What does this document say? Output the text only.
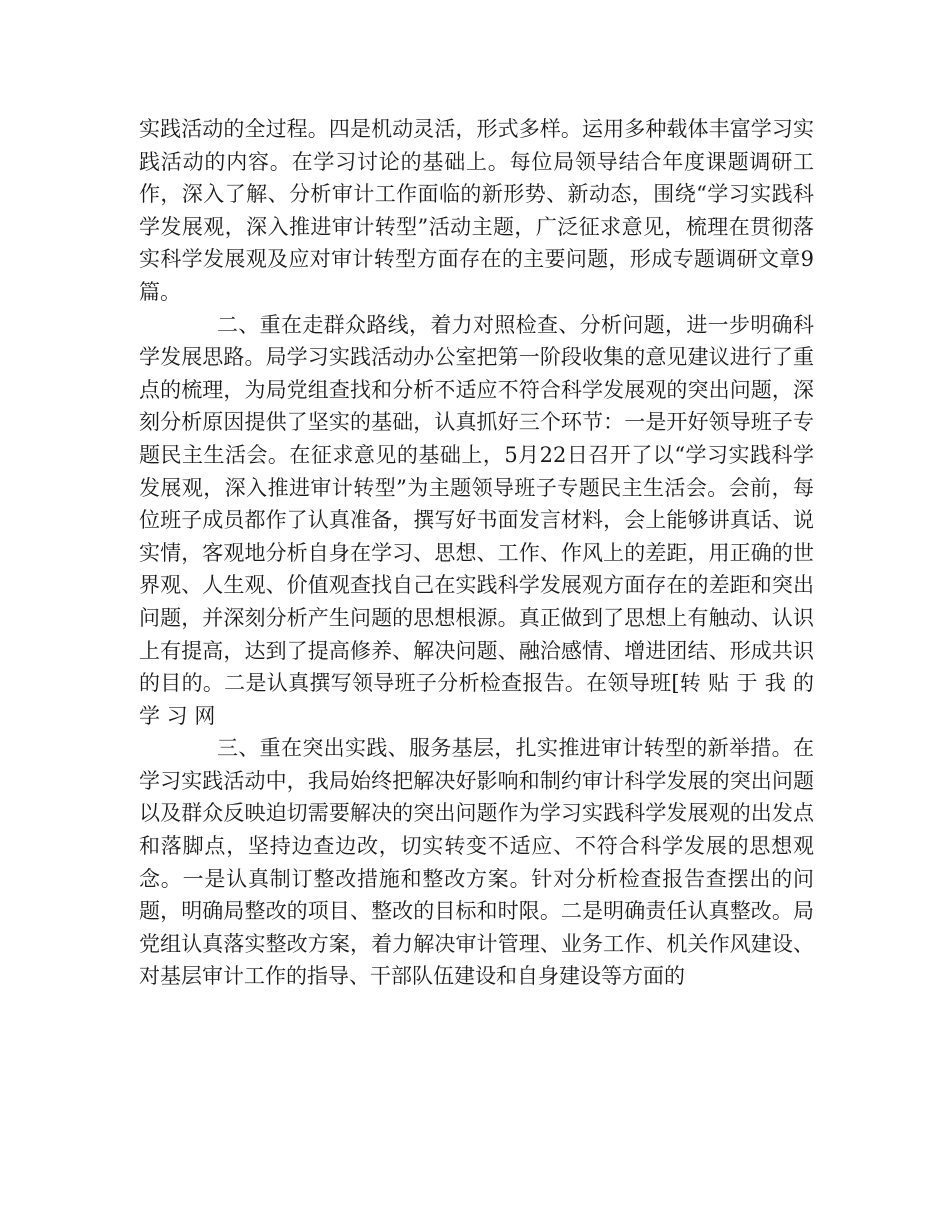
实践活动的全过程。四是机动灵活，形式多样。运用多种载体丰富学习实践活动的内容。在学习讨论的基础上。每位局领导结合年度课题调研工作，深入了解、分析审计工作面临的新形势、新动态，围绕“学习实践科学发展观，深入推进审计转型”活动主题，广泛征求意见，梳理在贯彻落实科学发展观及应对审计转型方面存在的主要问题，形成专题调研文章9篇。

二、重在走群众路线，着力对照检查、分析问题，进一步明确科学发展思路。局学习实践活动办公室把第一阶段收集的意见建议进行了重点的梳理，为局党组查找和分析不适应不符合科学发展观的突出问题，深刻分析原因提供了坚实的基础，认真抓好三个环节：一是开好领导班子专题民主生活会。在征求意见的基础上，5月22日召开了以“学习实践科学发展观，深入推进审计转型”为主题领导班子专题民主生活会。会前，每位班子成员都作了认真准备，撰写好书面发言材料，会上能够讲真话、说实情，客观地分析自身在学习、思想、工作、作风上的差距，用正确的世界观、人生观、价值观查找自己在实践科学发展观方面存在的差距和突出问题，并深刻分析产生问题的思想根源。真正做到了思想上有触动、认识上有提高，达到了提高修养、解决问题、融洽感情、增进团结、形成共识的目的。二是认真撰写领导班子分析检查报告。在领导班[转 贴 于 我 的 学 习 网

三、重在突出实践、服务基层，扎实推进审计转型的新举措。在学习实践活动中，我局始终把解决好影响和制约审计科学发展的突出问题以及群众反映迫切需要解决的突出问题作为学习实践科学发展观的出发点和落脚点，坚持边查边改，切实转变不适应、不符合科学发展的思想观念。一是认真制订整改措施和整改方案。针对分析检查报告查摆出的问题，明确局整改的项目、整改的目标和时限。二是明确责任认真整改。局党组认真落实整改方案，着力解决审计管理、业务工作、机关作风建设、对基层审计工作的指导、干部队伍建设和自身建设等方面的
